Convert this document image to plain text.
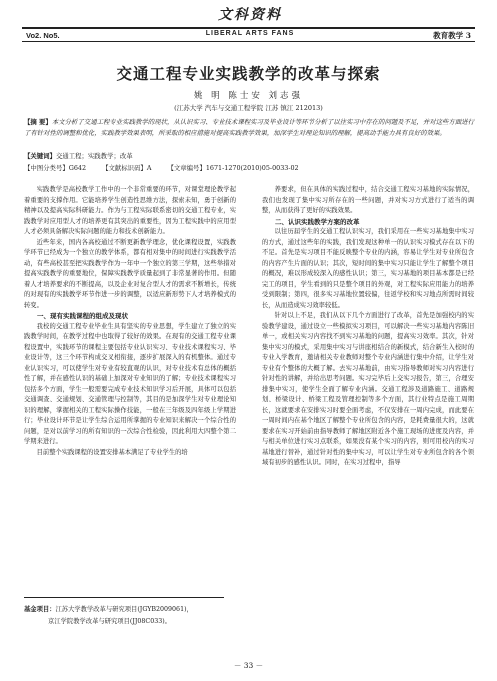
Vo2. No5.
文科资料
LIBERAL ARTS FANS	教育教学 3
交通工程专业实践教学的改革与探索
姚 明 陈士安 刘志强
(江苏大学 汽车与交通工程学院 江苏 镇江 212013)
【摘 要】本文分析了交通工程专业实践教学的现状，从认识实习、专业技术课程实习及毕业设计等环节分析了以往实习中存在的问题及不足，并对这些方面进行了有针对性的调整和优化，实践教学效果表明，所采取的相应措施对提高实践教学效果，加深学生对理论知识的理解，提高动手能力具有良好的效果。
【关键词】交通工程；实践教学；改革
【中图分类号】G642	【文献标识码】A	【文章编号】1671-1270(2010)05-0033-02

实践教学是高校教学工作中的一个非常重要的环节，对课堂理论教学起着重要的支撑作用。它能培养学生创造性思维方法，探索未知，勇于创新的精神以及提高实际科研能力。作为与工程实际联系密切的交通工程专业，实践教学对应用型人才的培养更有其突出的重要性，因为工程实践中的应用型人才必须具备解决实际问题的能力和技术创新能力。

近些年来，国内各高校通过不断更新教学理念，优化课程设置，实践教学环节已经成为一个独立的教学体系，都有相对集中的时间进行实践教学活动，有些高校甚至把实践教学作为一年中一个独立的第三学期，这些举措对提高实践教学的重要地位，保障实践教学质量起到了非常显著的作用。但随着人才培养要求的不断提高，以及企业对复合型人才的需求不断增长，传统的对现有的实践教学环节作进一步的调整，以适应新形势下人才培养模式的转变。

一、现有实践课程的组成及现状

我校的交通工程专业毕业生具有坚实的专业思想，学生建立了独立的实践教学时间，在教学过程中也取得了较好的效果。在现有的交通工程专业课程设置中，实践环节的课程主要包括专业认识实习、专业技术课程实习、毕业设计等，这三个环节构成交叉相衔接，逐步扩展深入的有机整体。通过专业认识实习，可以使学生对专业有较直观的认识，对专业技术有总体的概括性了解，并在感性认识的基础上加深对专业知识的了解；专业技术课程实习包括多个方面，学生一般需要完成专业技术知识学习后开展，具体可以包括交通调查、交通规划、交通管理与控制等，其目的是加深学生对专业理论知识的理解，掌握相关的工程实际操作技能，一般在三年级及四年级上学期进行；毕业设计环节是让学生综合运用所掌握的专业知识来解决一个综合性的问题，是对以前学习的所有知识的一次综合性检验，因此利用大四整个第二学期来进行。

目前整个实践课程的设置安排基本满足了专业学生的培

养要求，但在具体的实践过程中，结合交通工程实习基地的实际情况，我们也发现了集中实习所存在的一些问题，并对实习方式进行了适当的调整，从而获得了更好的实践效果。

二、认识实践教学方案的改革

以往历届学生的交通工程认识实习，我们采用在一些实习基地集中实习的方式，通过这些年的实践，我们发现这种单一的认识实习模式存在以下的不足。首先是实习项目不能反映整个专业的内涵，容易让学生对专业所包含的内容产生片面的认识；其次，短时间的集中实习只能让学生了解整个项目的概况，难以形成较深入的感性认识；第三，实习基地的项目基本都是已经完工的项目，学生看到的只是整个项目的外观，对工程实际应用能力的培养受到限制；第四，很多实习基地位置较偏，往返学校和实习地点所需时间较长，从而造成实习效率较低。

针对以上不足，我们从以下几个方面进行了改革，首先是加强校内的实验教学建设，通过设立一些模拟实习项目，可以解决一些实习基地内容陈旧单一，或相关实习内容找不到实习基地的问题，提高实习效率。其次，针对集中实习的模式，采用集中实习与讲座相结合的新模式，结合新生入校时的专业入学教育，邀请相关专业教师对整个专业内涵进行集中介绍，让学生对专业有个整体的大概了解。去实习基地前，由实习指导教师对实习内容进行针对性的讲解，并给出思考问题。实习完毕后上交实习报告，第三，合理安排集中实习，使学生全面了解专业内涵。交通工程涉及道路施工、道路规划、桥梁设计、桥梁工程及管理控制等多个方面，其行业特点是施工周期长，这就要求在安排实习时要全面考虑，不仅安排在一周内完成，而此要在一周时间内在基个地区了解整个专业所包含的内容，是耗费量很大的，这就要求在实习开始前由指导教师了解地区附近各个施工现场的进度及内容，并与相关单位进行实习点联系，如果没有某个实习的内容，则可用校内的实习基地进行替补，通过针对性的集中实习，可以让学生对专业所包含的各个领域有初步的感性认识。同时，在实习过程中，指导

基金项目：江苏大学教学改革与研究项目(JGYB2009061)，

京江学院教学改革与研究项目(JJ08C033)。

－ 33 －
